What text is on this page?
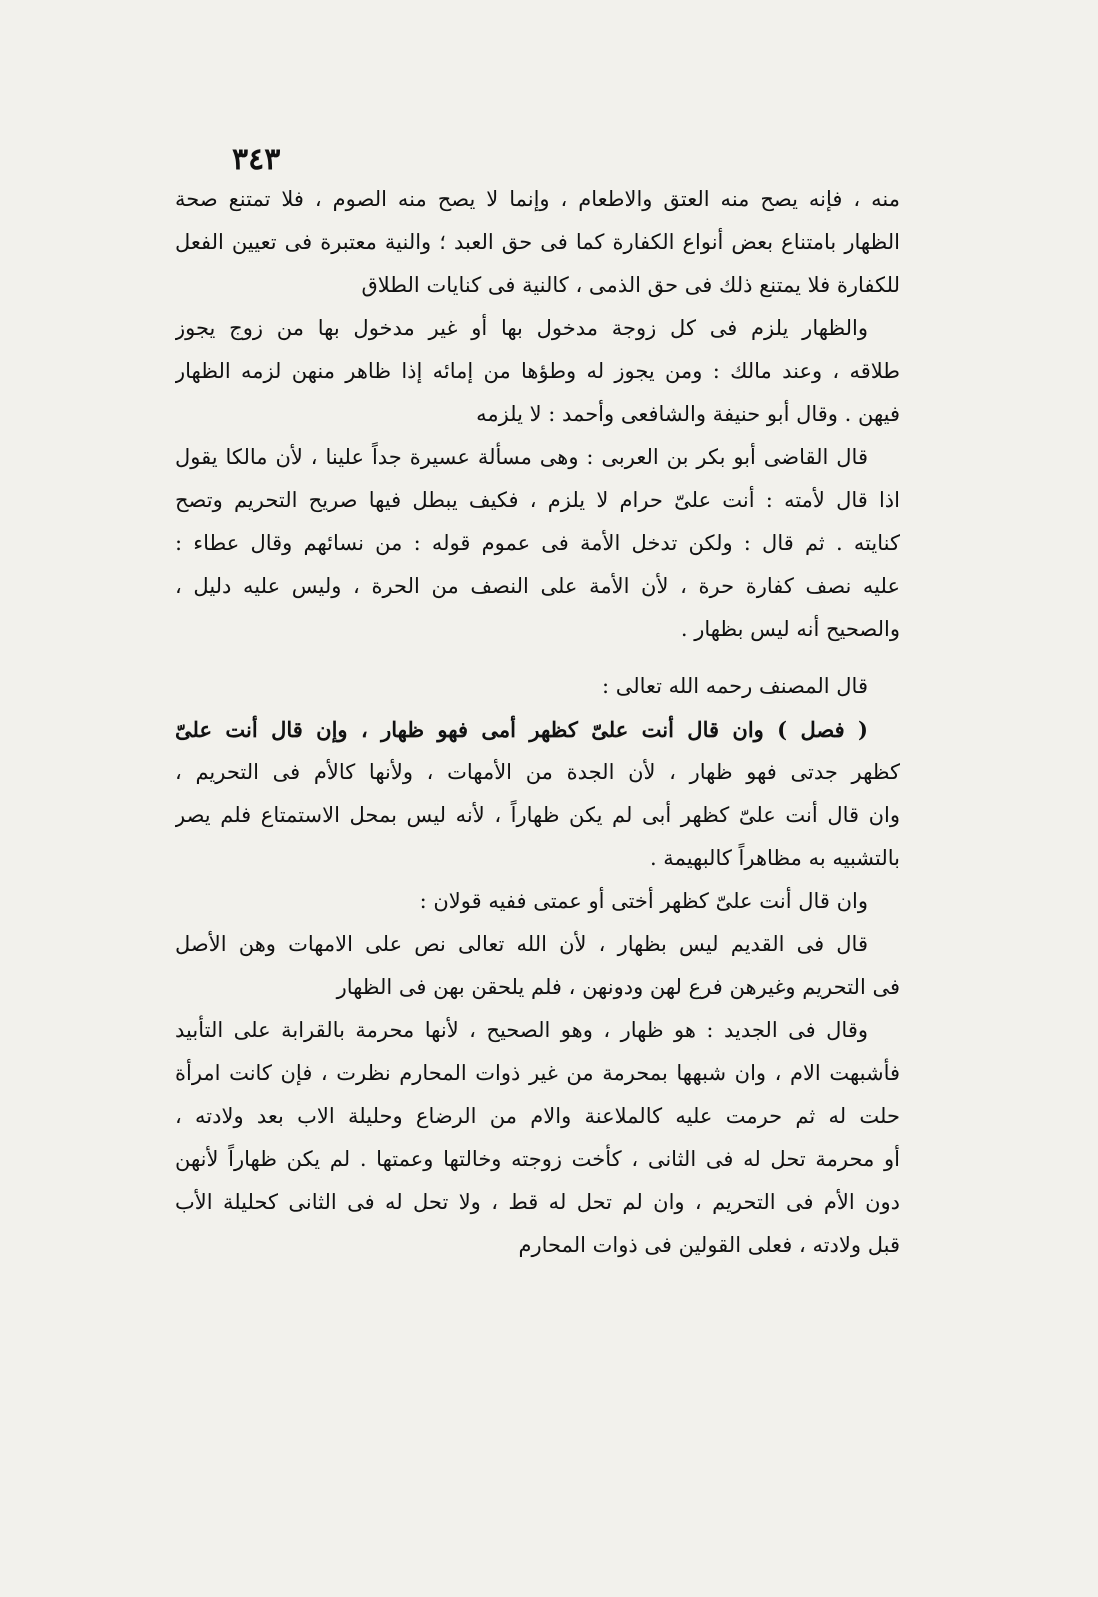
٣٤٣
منه ، فإنه يصح منه العتق والاطعام ، وإنما لا يصح منه الصوم ، فلا تمتنع صحة
الظهار بامتناع بعض أنواع الكفارة كما فى حق العبد ؛ والنية معتبرة فى تعيين الفعل
للكفارة فلا يمتنع ذلك فى حق الذمى ، كالنية فى كنايات الطلاق
والظهار يلزم فى كل زوجة مدخول بها أو غير مدخول بها من زوج يجوز
طلاقه ، وعند مالك : ومن يجوز له وطؤها من إمائه إذا ظاهر منهن لزمه الظهار
فيهن . وقال أبو حنيفة والشافعى وأحمد : لا يلزمه
قال القاضى أبو بكر بن العربى : وهى مسألة عسيرة جداً علينا ، لأن مالكا يقول
اذا قال لأمته : أنت علىّ حرام لا يلزم ، فكيف يبطل فيها صريح التحريم وتصح
كنايته . ثم قال : ولكن تدخل الأمة فى عموم قوله : من نسائهم وقال عطاء :
عليه نصف كفارة حرة ، لأن الأمة على النصف من الحرة ، وليس عليه دليل ،
والصحيح أنه ليس بظهار .
قال المصنف رحمه الله تعالى :
( فصل ) وان قال أنت علىّ كظهر أمى فهو ظهار ، وإن قال أنت علىّ
كظهر جدتى فهو ظهار ، لأن الجدة من الأمهات ، ولأنها كالأم فى التحريم ،
وان قال أنت علىّ كظهر أبى لم يكن ظهاراً ، لأنه ليس بمحل الاستمتاع فلم يصر
بالتشبيه به مظاهراً كالبهيمة .
وان قال أنت علىّ كظهر أختى أو عمتى ففيه قولان :
قال فى القديم ليس بظهار ، لأن الله تعالى نص على الامهات وهن الأصل
فى التحريم وغيرهن فرع لهن ودونهن ، فلم يلحقن بهن فى الظهار
وقال فى الجديد : هو ظهار ، وهو الصحيح ، لأنها محرمة بالقرابة على التأبيد
فأشبهت الام ، وان شبهها بمحرمة من غير ذوات المحارم نظرت ، فإن كانت امرأة
حلت له ثم حرمت عليه كالملاعنة والام من الرضاع وحليلة الاب بعد ولادته ،
أو محرمة تحل له فى الثانى ، كأخت زوجته وخالتها وعمتها . لم يكن ظهاراً لأنهن
دون الأم فى التحريم ، وان لم تحل له قط ، ولا تحل له فى الثانى كحليلة الأب
قبل ولادته ، فعلى القولين فى ذوات المحارم
